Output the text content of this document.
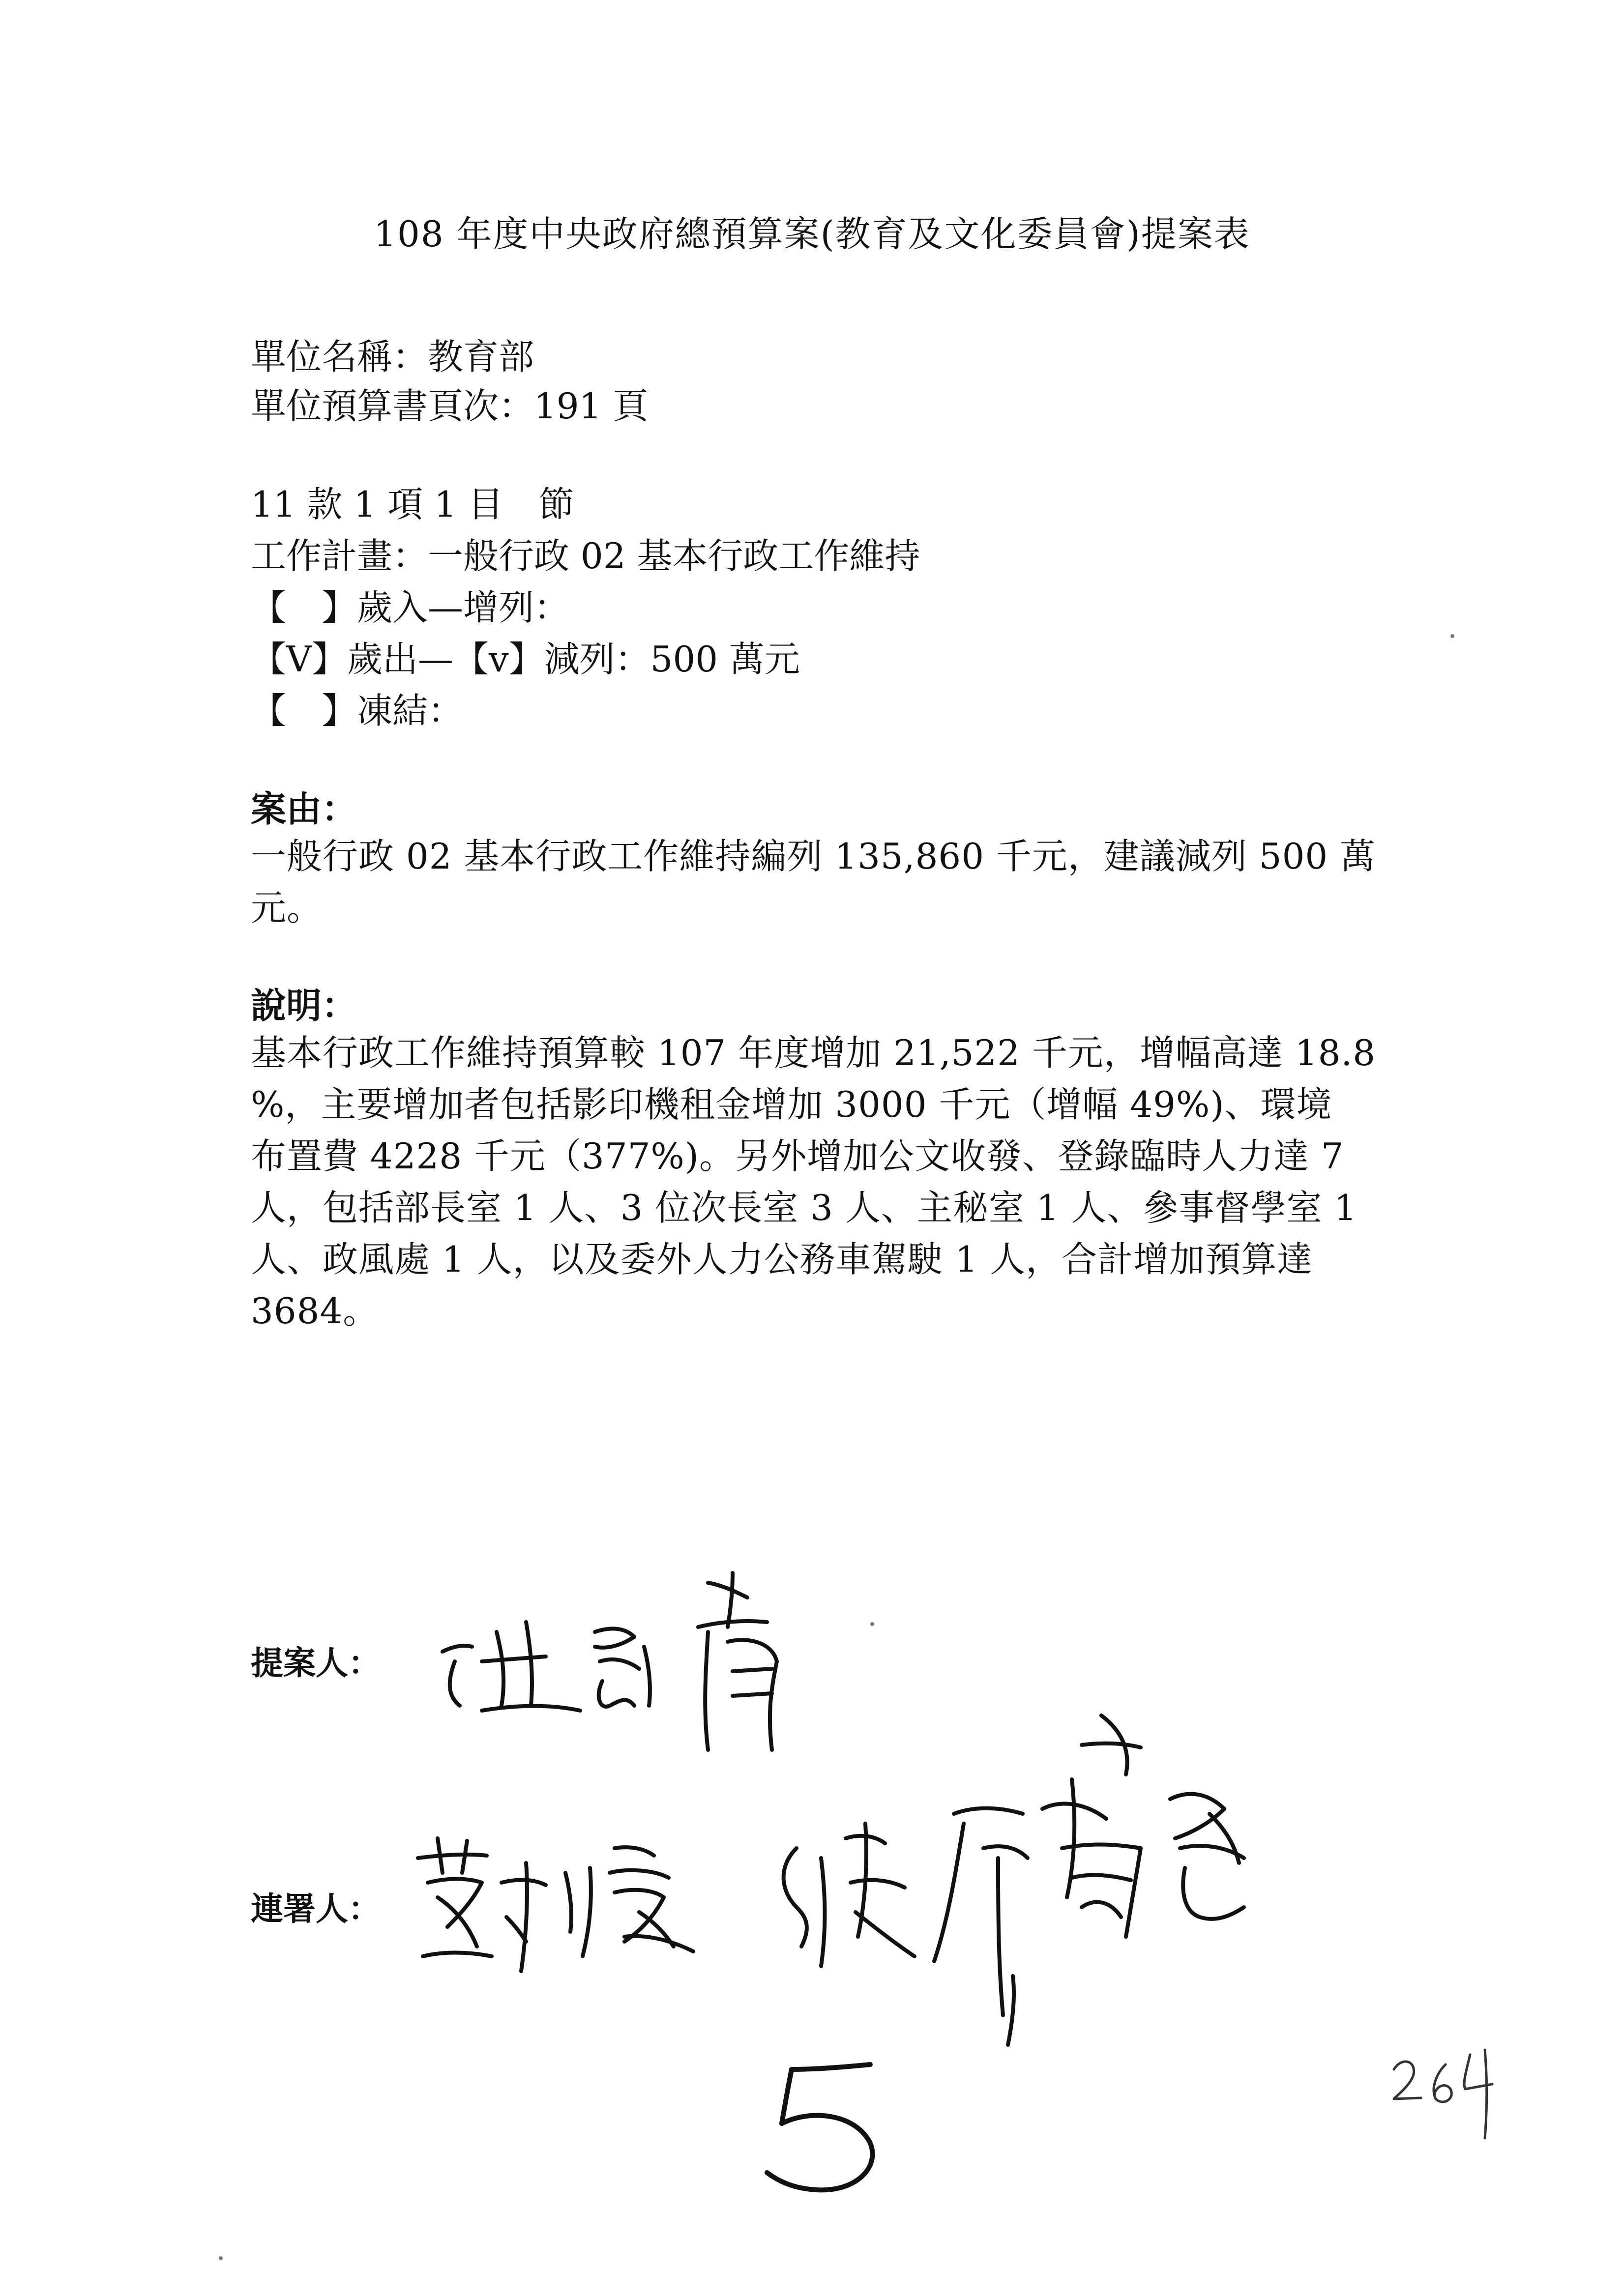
108 年度中央政府總預算案(教育及文化委員會)提案表
單位名稱：教育部
單位預算書頁次：191 頁
11 款 1 項 1 目　節
工作計畫：一般行政 02 基本行政工作維持
【　】歲入—增列：
【V】歲出—【v】減列：500 萬元
【　】凍結：
案由：
一般行政 02 基本行政工作維持編列 135,860 千元，建議減列 500 萬
元。
說明：
基本行政工作維持預算較 107 年度增加 21,522 千元，增幅高達 18.8
%，主要增加者包括影印機租金增加 3000 千元（增幅 49%)、環境
布置費 4228 千元（377%)。另外增加公文收發、登錄臨時人力達 7
人，包括部長室 1 人、3 位次長室 3 人、主秘室 1 人、參事督學室 1
人、政風處 1 人，以及委外人力公務車駕駛 1 人，合計增加預算達
3684。
提案人：
連署人：
